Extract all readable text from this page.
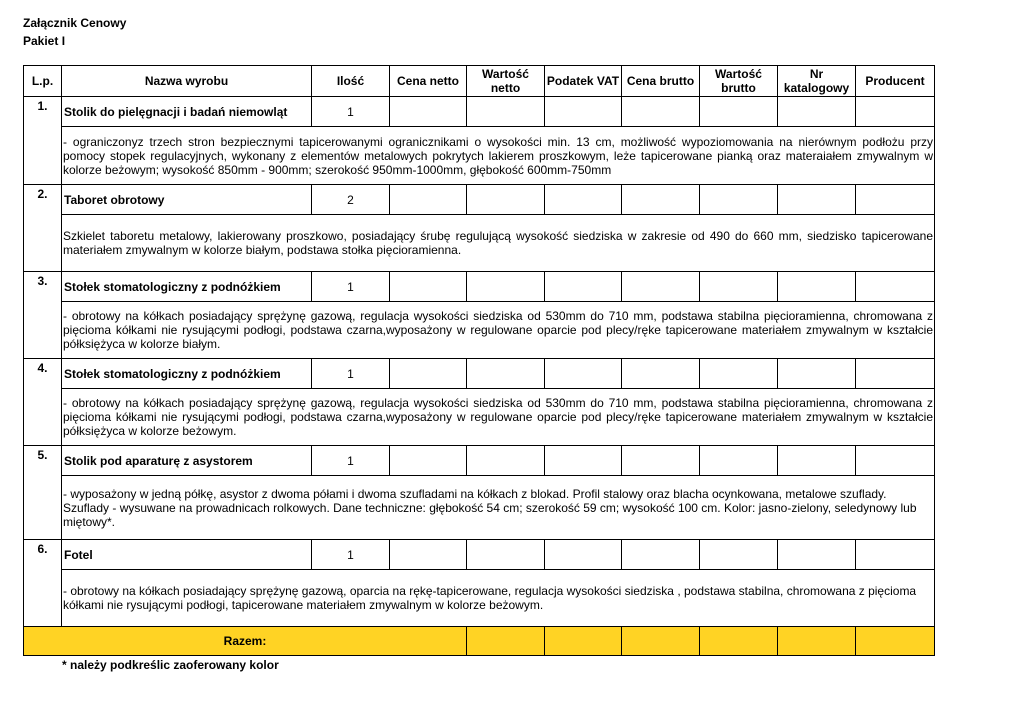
Załącznik Cenowy
Pakiet I
L.p.	Nazwa wyrobu	Ilość	Cena netto	Wartość netto	Podatek VAT	Cena brutto	Wartość brutto	Nr katalogowy	Producent
1.	Stolik do pielęgnacji i badań niemowląt	1							
	- ograniczonyz trzech stron bezpiecznymi tapicerowanymi ogranicznikami o wysokości min. 13 cm, możliwość wypoziomowania na nierównym podłożu przy pomocy stopek regulacyjnych, wykonany z elementów metalowych pokrytych lakierem proszkowym, leże tapicerowane pianką oraz materaiałem zmywalnym w kolorze beżowym; wysokość 850mm - 900mm; szerokość 950mm-1000mm, głębokość 600mm-750mm								
2.	Taboret obrotowy	2							
	Szkielet taboretu metalowy, lakierowany proszkowo, posiadający śrubę regulującą wysokość siedziska w zakresie od 490 do 660 mm, siedzisko tapicerowane materiałem zmywalnym w kolorze białym, podstawa stołka pięcioramienna.								
3.	Stołek stomatologiczny z podnóżkiem	1							
	- obrotowy na kółkach posiadający sprężynę gazową, regulacja wysokości siedziska od 530mm do 710 mm, podstawa stabilna pięcioramienna, chromowana z pięcioma kółkami nie rysującymi podłogi, podstawa czarna,wyposażony w regulowane oparcie pod plecy/ręke tapicerowane materiałem zmywalnym w kształcie półksiężyca w kolorze białym.								
4.	Stołek stomatologiczny z podnóżkiem	1							
	- obrotowy na kółkach posiadający sprężynę gazową, regulacja wysokości siedziska od 530mm do 710 mm, podstawa stabilna pięcioramienna, chromowana z pięcioma kółkami nie rysującymi podłogi, podstawa czarna,wyposażony w regulowane oparcie pod plecy/ręke tapicerowane materiałem zmywalnym w kształcie półksiężyca w kolorze beżowym.								
5.	Stolik pod aparaturę z asystorem	1							
	- wyposażony w jedną półkę, asystor z dwoma półami i dwoma szufladami na kółkach z blokad. Profil stalowy oraz blacha ocynkowana, metalowe szuflady. Szuflady - wysuwane na prowadnicach rolkowych. Dane techniczne: głębokość 54 cm; szerokość 59 cm; wysokość 100 cm. Kolor: jasno-zielony, seledynowy lub miętowy*.								
6.	Fotel	1							
	- obrotowy na kółkach posiadający sprężynę gazową, oparcia na rękę-tapicerowane, regulacja wysokości siedziska , podstawa stabilna, chromowana z pięcioma kółkami nie rysującymi podłogi, tapicerowane materiałem zmywalnym w kolorze beżowym.								
Razem:									
* należy podkreślic zaoferowany kolor
